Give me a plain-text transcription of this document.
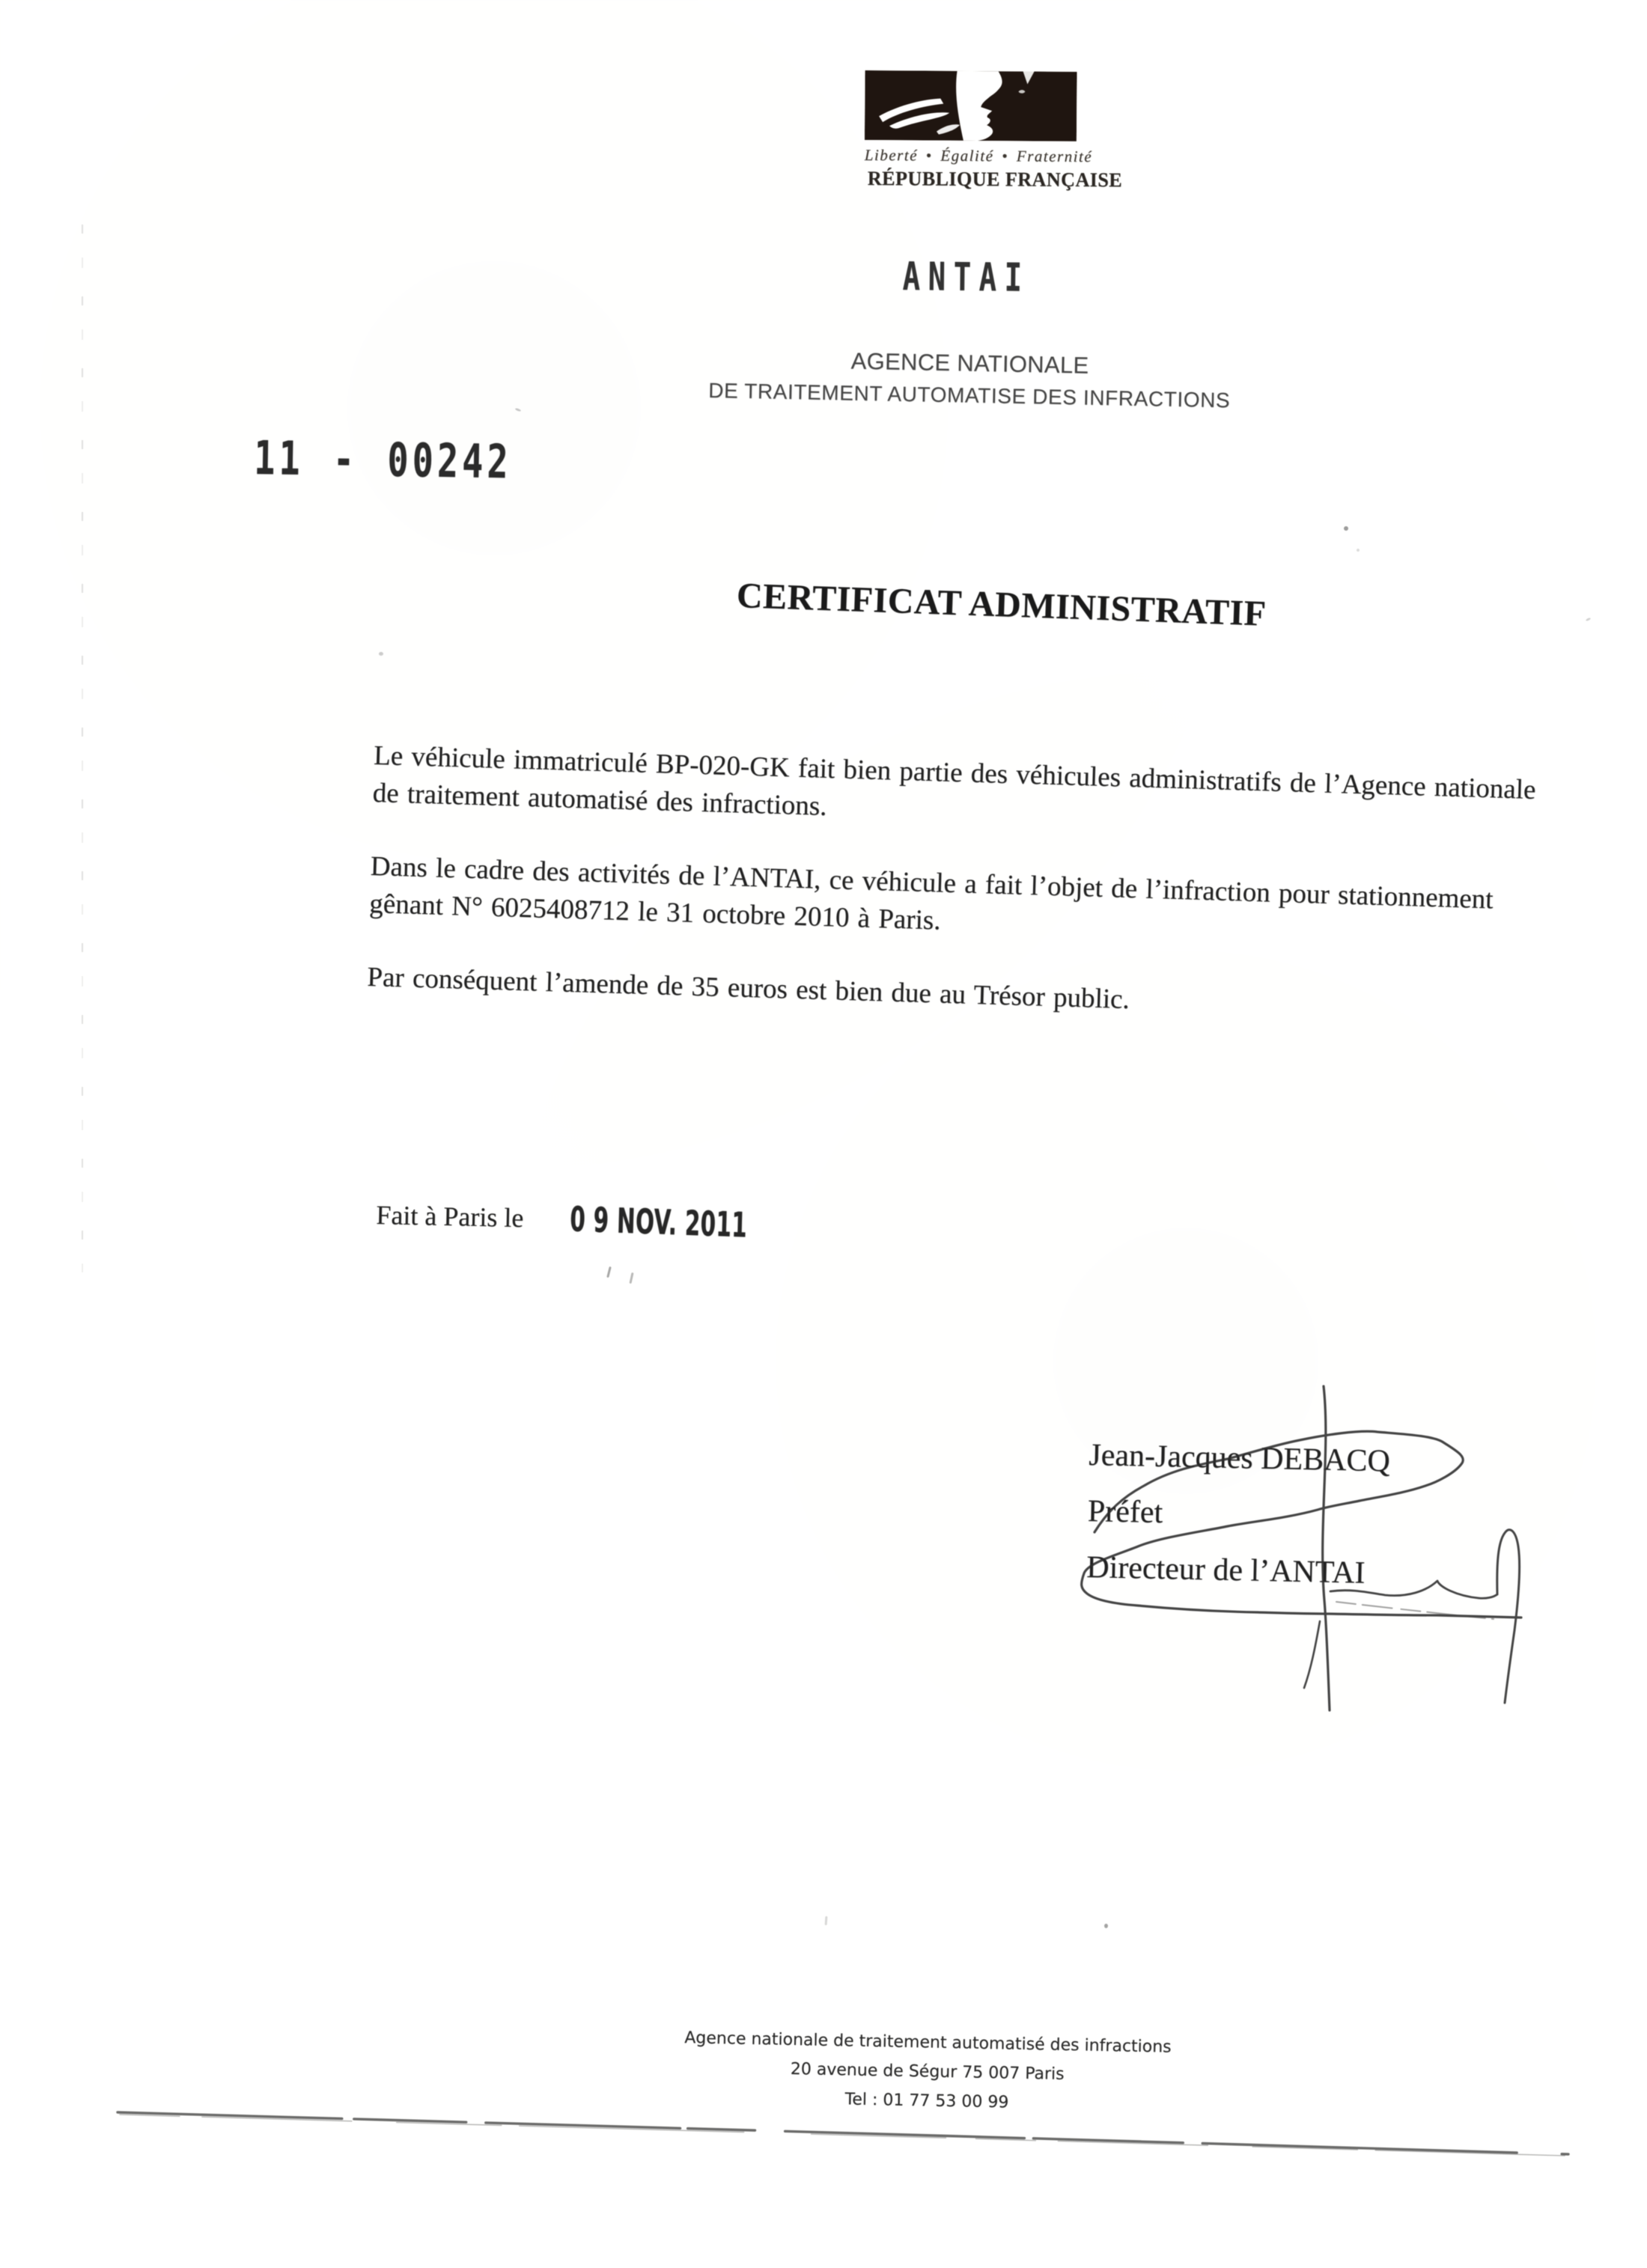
Liberté • Égalité • Fraternité
RÉPUBLIQUE FRANÇAISE
ANTAI
AGENCE NATIONALE
DE TRAITEMENT AUTOMATISE DES INFRACTIONS
11 - 00242
CERTIFICAT ADMINISTRATIF

Le véhicule immatriculé BP-020-GK fait bien partie des véhicules administratifs de l’Agence nationale de traitement automatisé des infractions.

Dans le cadre des activités de l’ANTAI, ce véhicule a fait l’objet de l’infraction pour stationnement gênant N° 6025408712 le 31 octobre 2010 à Paris.

Par conséquent l’amende de 35 euros est bien due au Trésor public.

Fait à Paris le 0 9 NOV. 2011
Jean-Jacques DEBACQ
Préfet
Directeur de l’ANTAI
Agence nationale de traitement automatisé des infractions
20 avenue de Ségur 75 007 Paris
Tel : 01 77 53 00 99
